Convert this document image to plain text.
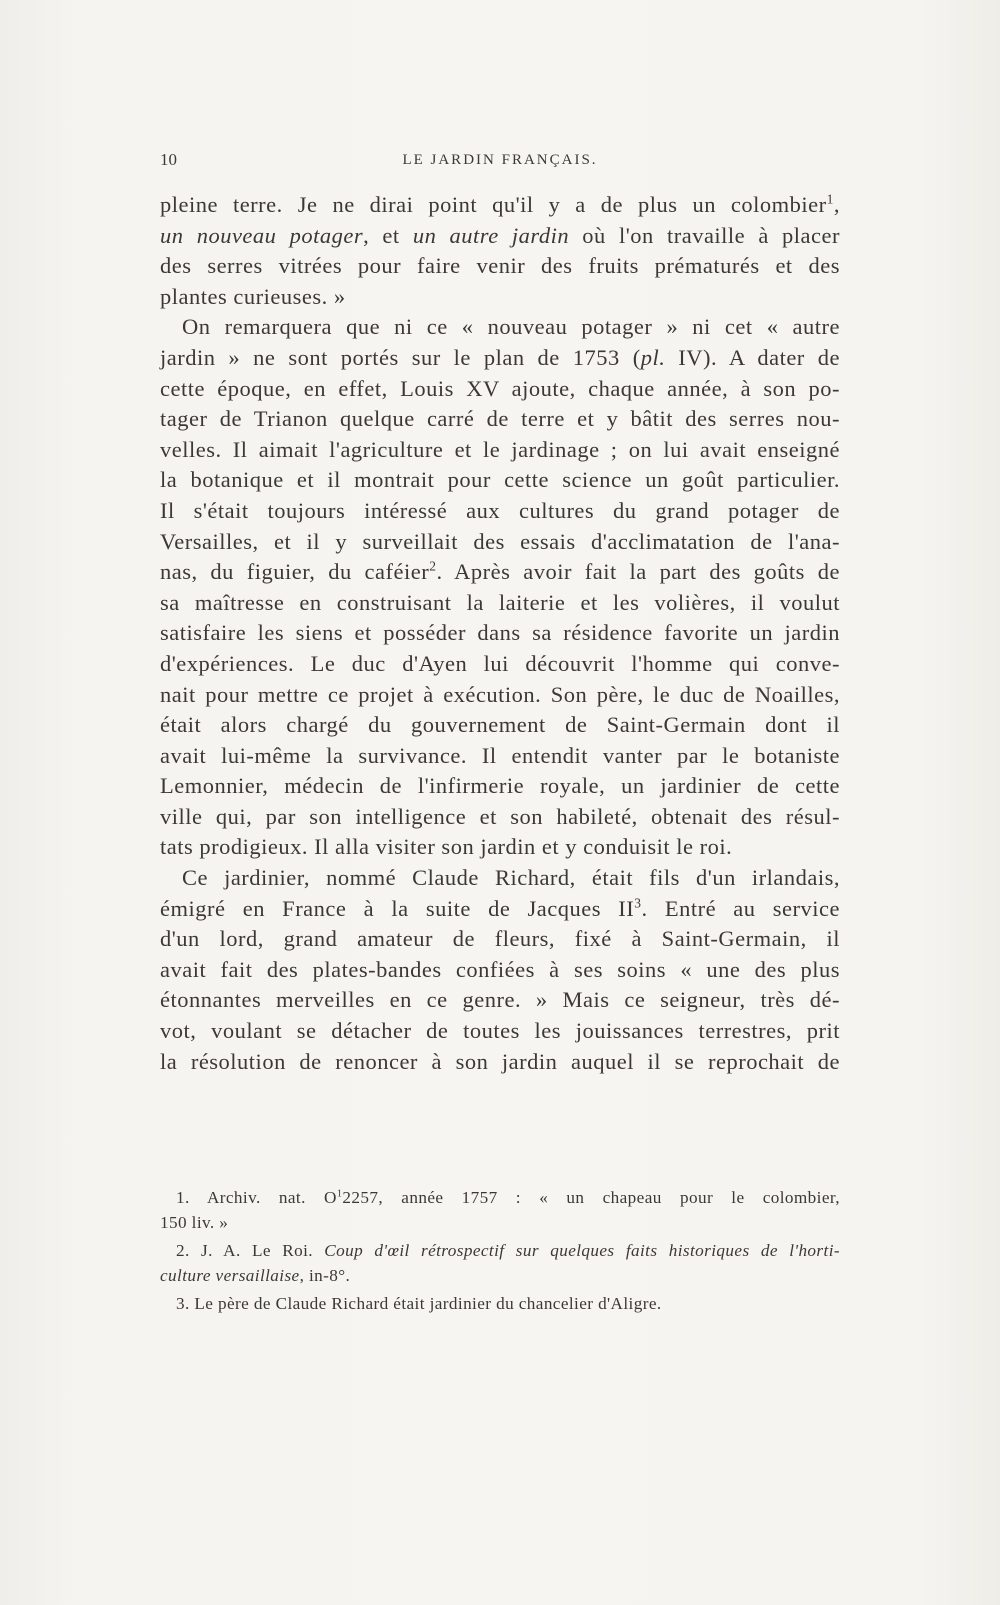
10	LE JARDIN FRANÇAIS.

pleine terre. Je ne dirai point qu'il y a de plus un colombier$^1$,

un nouveau potager, et un autre jardin où l'on travaille à placer

des serres vitrées pour faire venir des fruits prématurés et des

plantes curieuses. »

On remarquera que ni ce « nouveau potager » ni cet « autre

jardin » ne sont portés sur le plan de 1753 (pl. IV). A dater de

cette époque, en effet, Louis XV ajoute, chaque année, à son po-

tager de Trianon quelque carré de terre et y bâtit des serres nou-

velles. Il aimait l'agriculture et le jardinage ; on lui avait enseigné

la botanique et il montrait pour cette science un goût particulier.

Il s'était toujours intéressé aux cultures du grand potager de

Versailles, et il y surveillait des essais d'acclimatation de l'ana-

nas, du figuier, du caféier$^2$. Après avoir fait la part des goûts de

sa maîtresse en construisant la laiterie et les volières, il voulut

satisfaire les siens et posséder dans sa résidence favorite un jardin

d'expériences. Le duc d'Ayen lui découvrit l'homme qui conve-

nait pour mettre ce projet à exécution. Son père, le duc de Noailles,

était alors chargé du gouvernement de Saint-Germain dont il

avait lui-même la survivance. Il entendit vanter par le botaniste

Lemonnier, médecin de l'infirmerie royale, un jardinier de cette

ville qui, par son intelligence et son habileté, obtenait des résul-

tats prodigieux. Il alla visiter son jardin et y conduisit le roi.

Ce jardinier, nommé Claude Richard, était fils d'un irlandais,

émigré en France à la suite de Jacques $II^3$. Entré au service

d'un lord, grand amateur de fleurs, fixé à Saint-Germain, il

avait fait des plates-bandes confiées à ses soins « une des plus

étonnantes merveilles en ce genre. » Mais ce seigneur, très dé-

vot, voulant se détacher de toutes les jouissances terrestres, prit

la résolution de renoncer à son jardin auquel il se reprochait de

1. Archiv. nat. $O^12257$, année 1757 : « un chapeau pour le colombier,
150 liv. »

2. J. A. Le Roi. Coup d'œil rétrospectif sur quelques faits historiques de l'horti-
culture versaillaise, in-8°.

3. Le père de Claude Richard était jardinier du chancelier d'Aligre.
